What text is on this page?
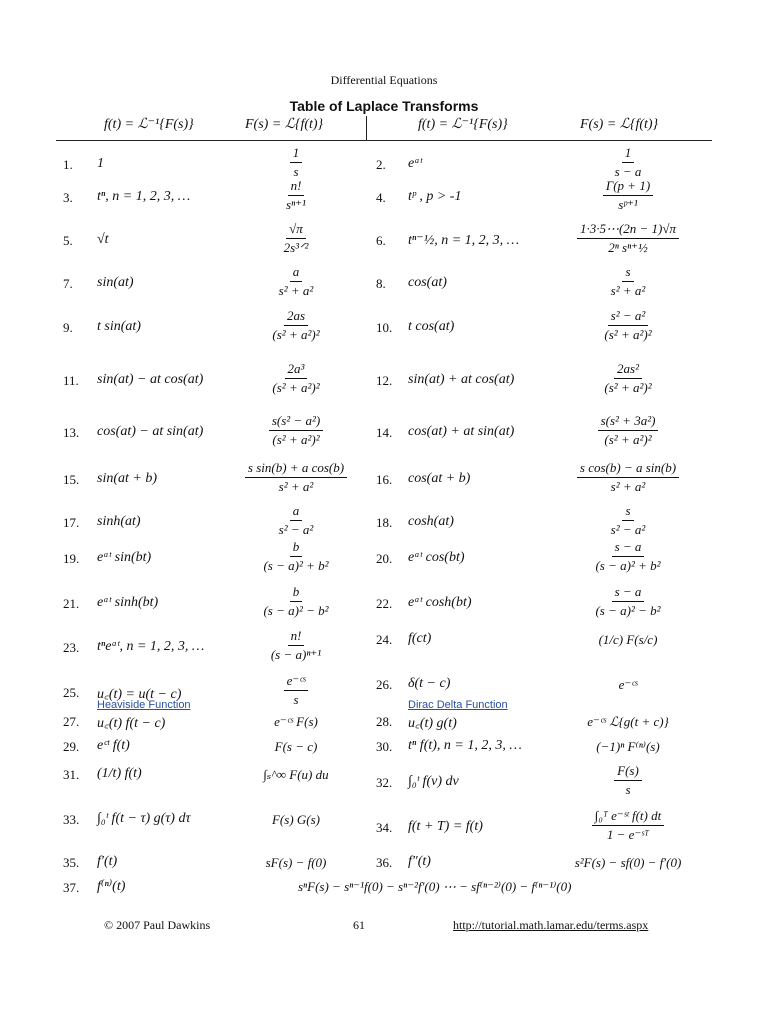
Differential Equations
Table of Laplace Transforms
f(t) = ℒ⁻¹{F(s)}	F(s) = ℒ{f(t)}	f(t) = ℒ⁻¹{F(s)}	F(s) = ℒ{f(t)}
1. 1	$\frac{1}{s}$	2. eᵃᵗ	$\frac{1}{s - a}$
3. tⁿ, n = 1, 2, 3, …	$\frac{n!}{\text{sⁿ⁺¹}}$	4. tᵖ , p > -1	$\frac{\Gamma(p + 1)}{\text{sᵖ⁺¹}}$
5. √t	$\frac{√\pi}{\text{2s³ᐟ²}}$	6. tⁿ⁻½, n = 1, 2, 3, …	$\frac{1\cdot 3\cdot 5\cdots(2n - 1)√\pi}{\text{2ⁿ sⁿ⁺½}}$
7. sin(at)	$\frac{a}{\text{s² + a²}}$	8. cos(at)	$\frac{s}{\text{s² + a²}}$
9. t sin(at)	$\frac{2as}{\text{(s² + a²)²}}$	10. t cos(at)	$\frac{\text{s² − a²}}{\text{(s² + a²)²}}$
11. sin(at) − at cos(at)	$\frac{\text{2a³}}{\text{(s² + a²)²}}$	12. sin(at) + at cos(at)	$\frac{\text{2as²}}{\text{(s² + a²)²}}$
13. cos(at) − at sin(at)	$\frac{\text{s(s² − a²)}}{\text{(s² + a²)²}}$	14. cos(at) + at sin(at)	$\frac{\text{s(s² + 3a²)}}{\text{(s² + a²)²}}$
15. sin(at + b)	$\frac{\text{s sin(b) + a cos(b)}}{\text{s² + a²}} 16$. cos(at + b)	$\frac{\text{s cos(b) − a sin(b)}}{\text{s² + a²}}$
17. sinh(at)	$\frac{a}{\text{s² − a²}}$	18. cosh(at)	$\frac{s}{\text{s² − a²}}$
19. eᵃᵗ sin(bt)	$\frac{b}{\text{(s − a)² + b²}}$	20. eᵃᵗ cos(bt)	$\frac{s - a}{\text{(s − a)² + b²}}$
21. eᵃᵗ sinh(bt)	$\frac{b}{\text{(s − a)² − b²}}$	22. eᵃᵗ cosh(bt)	$\frac{s - a}{\text{(s − a)² − b²}}$
23. tⁿeᵃᵗ, n = 1, 2, 3, …	$\frac{n!}{\text{(s − a)ⁿ⁺¹}}$	24. f(ct)	(1/c) F(s/c)
25. u꜀(t) = u(t − c)	$\frac{\text{e⁻ᶜˢ}}{s}$
Heaviside Function
26. δ(t − c)	e⁻ᶜˢ
Dirac Delta Function
27. u꜀(t) f(t − c)	e⁻ᶜˢ F(s)	28. u꜀(t) g(t)	e⁻ᶜˢ ℒ{g(t + c)}
29. eᶜᵗ f(t)	F(s − c)	30. tⁿ f(t), n = 1, 2, 3, …	(−1)ⁿ F⁽ⁿ⁾(s)
31. (1/t) f(t)	∫ₛ^∞ F(u) du
32. ∫₀ᵗ f(v) dv	$\frac{F(s)}{s}$
33. ∫₀ᵗ f(t − τ) g(τ) dτ	F(s) G(s)
34. f(t + T) = f(t)	$\frac{\text{∫₀ᵀ e⁻ˢᵗ f(t) dt}}{\text{1 − e⁻ˢᵀ}}$
35. f′(t)	sF(s) − f(0)	36. f″(t)	s²F(s) − sf(0) − f′(0)
37. f⁽ⁿ⁾(t)	sⁿF(s) − sⁿ⁻¹f(0) − sⁿ⁻²f′(0) ⋯ − sf⁽ⁿ⁻²⁾(0) − f⁽ⁿ⁻¹⁾(0)
© 2007 Paul Dawkins	61	http://tutorial.math.lamar.edu/terms.aspx
